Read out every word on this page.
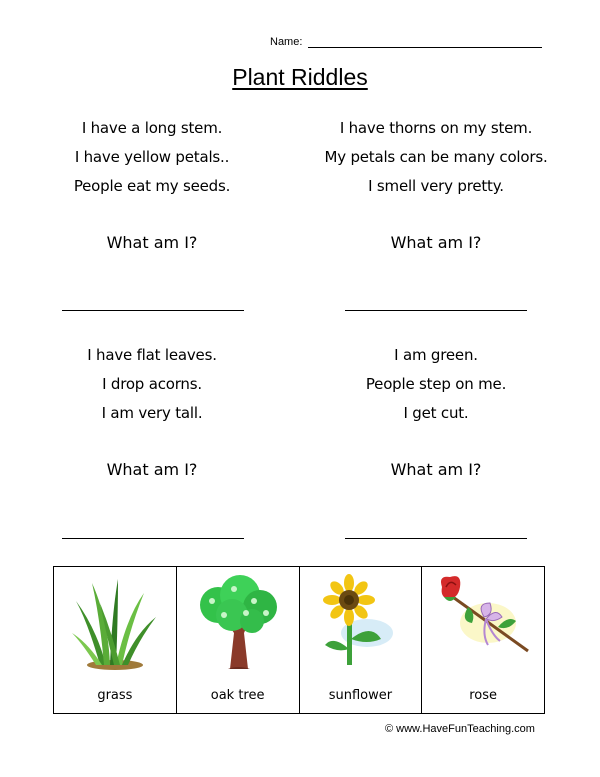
Name:
Plant Riddles
I have a long stem.
I have yellow petals..
People eat my seeds.
What am I?
I have thorns on my stem.
My petals can be many colors.
I smell very pretty.
What am I?
I have flat leaves.
I drop acorns.
I am very tall.
What am I?
I am green.
People step on me.
I get cut.
What am I?
grass	oak tree	sunflower	rose
© www.HaveFunTeaching.com
